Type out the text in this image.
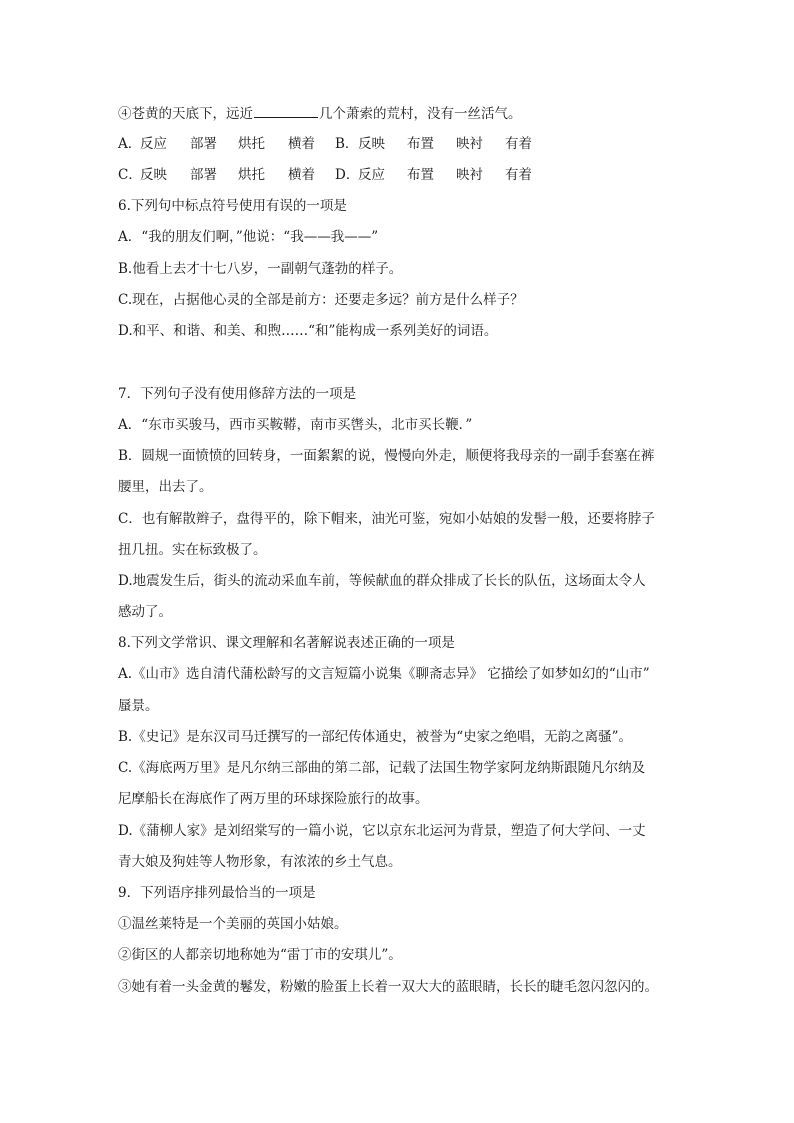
④苍黄的天底下，远近	几个萧索的荒村，没有一丝活气。
A．
反应 部署 烘托 横着 B． 反映 布置 映衬 有着
C．
反映 部署 烘托 横着 D．
反应 布置 映衬 有着
6.下列句中标点符号使用有误的一项是
A．“我的朋友们啊，”他说：“我——我——”
B.他看上去才十七八岁，一副朝气蓬勃的样子。
C.现在，占据他心灵的全部是前方：还要走多远？前方是什么样子？
D.和平、和谐、和美、和煦……“和”能构成一系列美好的词语。
7．下列句子没有使用修辞方法的一项是
A．“东市买骏马，西市买鞍鞯，南市买辔头，北市买长鞭．”
B．圆规一面愤愤的回转身，一面絮絮的说，慢慢向外走，顺便将我母亲的一副手套塞在裤
腰里，出去了。
C．也有解散辫子，盘得平的，除下帽来，油光可鉴，宛如小姑娘的发髻一般，还要将脖子
扭几扭。实在标致极了。
D.地震发生后，街头的流动采血车前，等候献血的群众排成了长长的队伍，这场面太令人
感动了。
8.下列文学常识、课文理解和名著解说表述正确的一项是
A.《山市》选自清代蒲松龄写的文言短篇小说集《聊斋志异》 它描绘了如梦如幻的“山市”
蜃景。
B.《史记》是东汉司马迁撰写的一部纪传体通史，被誉为“史家之绝唱，无韵之离骚”。
C.《海底两万里》是凡尔纳三部曲的第二部，记载了法国生物学家阿龙纳斯跟随凡尔纳及
尼摩船长在海底作了两万里的环球探险旅行的故事。
D.《蒲柳人家》是刘绍棠写的一篇小说，它以京东北运河为背景，塑造了何大学问、一丈
青大娘及狗娃等人物形象，有浓浓的乡土气息。
9．下列语序排列最恰当的一项是
①温丝莱特是一个美丽的英国小姑娘。
②街区的人都亲切地称她为“雷丁市的安琪儿”。
③她有着一头金黄的鬈发，粉嫩的脸蛋上长着一双大大的蓝眼睛，长长的睫毛忽闪忽闪的。
